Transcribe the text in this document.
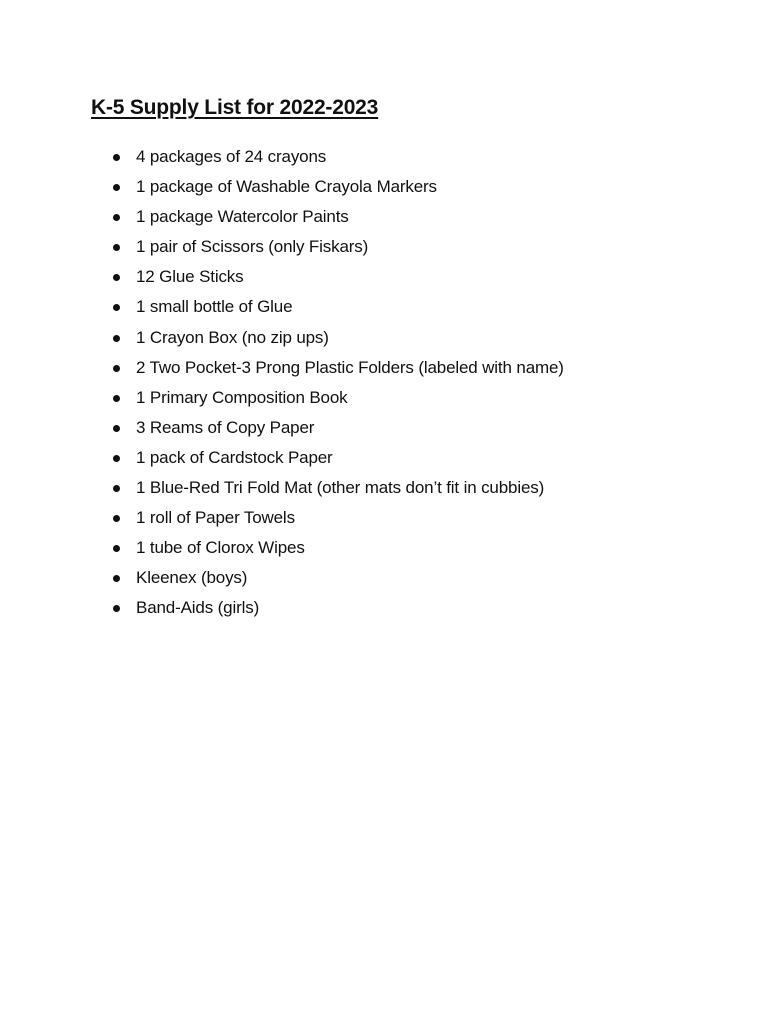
K-5 Supply List for 2022-2023
4 packages of 24 crayons
1 package of Washable Crayola Markers
1 package Watercolor Paints
1 pair of Scissors (only Fiskars)
12 Glue Sticks
1 small bottle of Glue
1 Crayon Box (no zip ups)
2 Two Pocket-3 Prong Plastic Folders (labeled with name)
1 Primary Composition Book
3 Reams of Copy Paper
1 pack of Cardstock Paper
1 Blue-Red Tri Fold Mat (other mats don’t fit in cubbies)
1 roll of Paper Towels
1 tube of Clorox Wipes
Kleenex (boys)
Band-Aids (girls)
